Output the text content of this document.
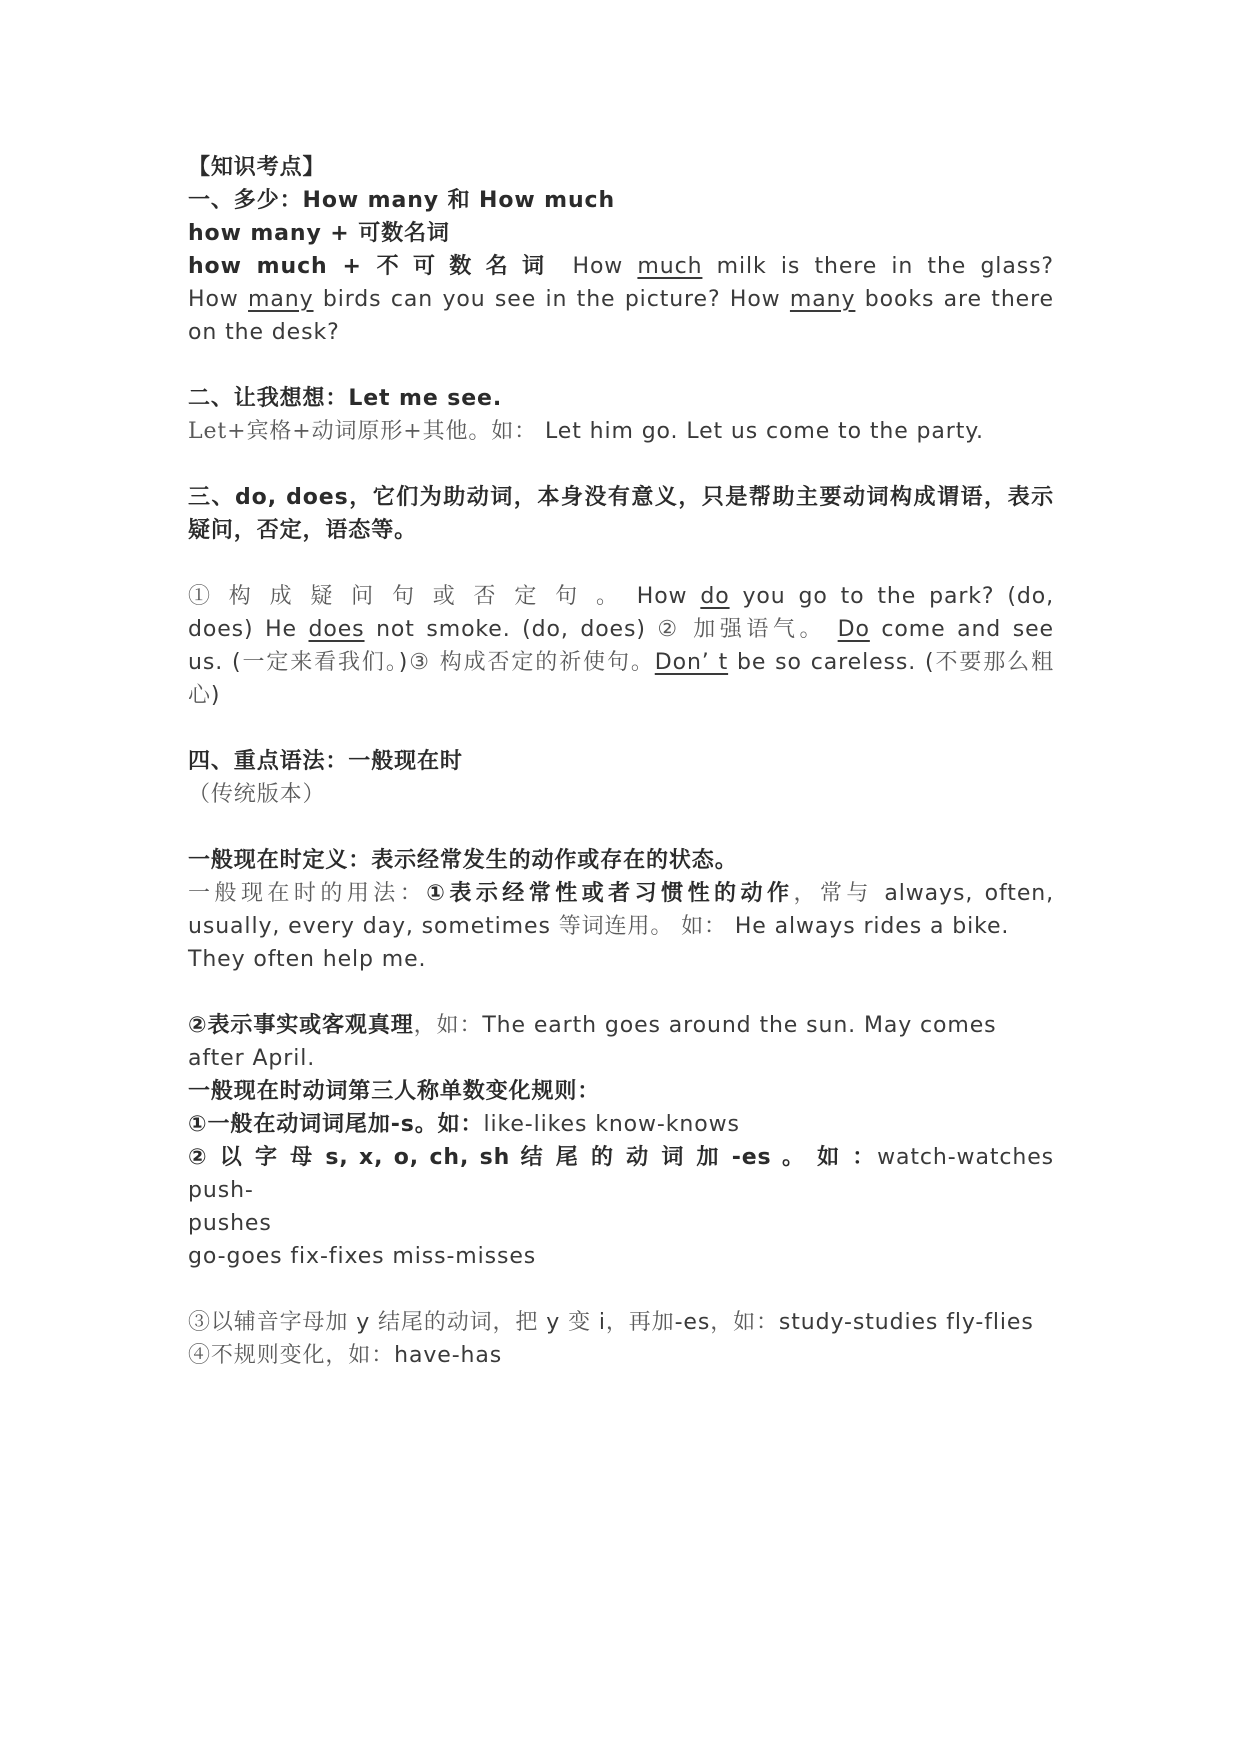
【知识考点】
一、多少：How many 和 How much
how many + 可数名词
how much + 不可数名词 How much milk is there in the glass?
How many birds can you see in the picture? How many books are there
on the desk?
二、让我想想：Let me see.
Let+宾格+动词原形+其他。如： Let him go. Let us come to the party.
三、do, does，它们为助动词，本身没有意义，只是帮助主要动词构成谓语，表示
疑问，否定，语态等。
① 构 成 疑 问 句 或 否 定 句 。 How do you go to the park? (do,
does) He does not smoke. (do, does) ② 加强语气。 Do come and see
us. (一定来看我们。)③ 构成否定的祈使句。Don’ t be so careless. (不要那么粗
心)
四、重点语法：一般现在时
（传统版本）
一般现在时定义：表示经常发生的动作或存在的状态。
一般现在时的用法：①表示经常性或者习惯性的动作，常与 always, often,
usually, every day, sometimes 等词连用。 如： He always rides a bike.
They often help me.
②表示事实或客观真理，如：The earth goes around the sun. May comes
after April.
一般现在时动词第三人称单数变化规则：
①一般在动词词尾加-s。如：like-likes know-knows
② 以 字 母 s, x, o, ch, sh 结 尾 的 动 词 加 -es 。 如 ：watch-watches push-
pushes
go-goes fix-fixes miss-misses
③以辅音字母加 y 结尾的动词，把 y 变 i，再加-es，如：study-studies fly-flies
④不规则变化，如：have-has
